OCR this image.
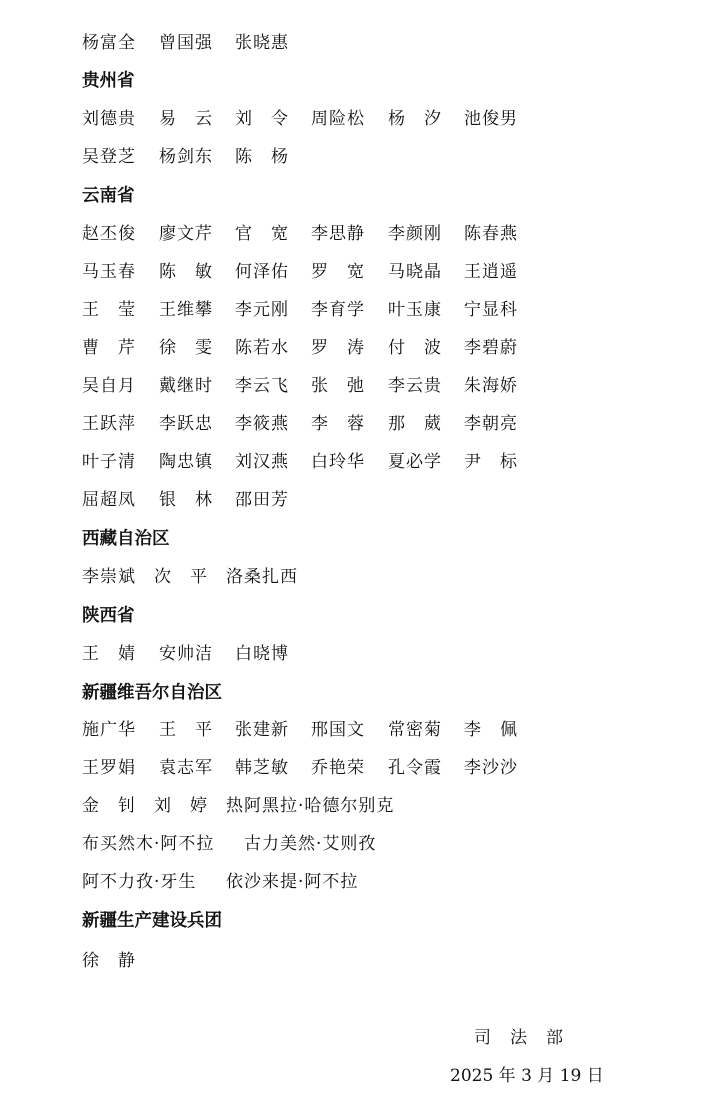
杨富全 曾国强 张晓惠
贵州省
刘德贵 易　云 刘　令 周险松 杨　汐 池俊男
吴登芝 杨剑东 陈　杨
云南省
赵丕俊 廖文芹 官　宽 李思静 李颜刚 陈春燕
马玉春 陈　敏 何泽佑 罗　宽 马晓晶 王逍遥
王　莹 王维攀 李元刚 李育学 叶玉康 宁显科
曹　芹 徐　雯 陈若水 罗　涛 付　波 李碧蔚
吴自月 戴继时 李云飞 张　弛 李云贵 朱海娇
王跃萍 李跃忠 李筱燕 李　蓉 那　葳 李朝亮
叶子清 陶忠镇 刘汉燕 白玲华 夏必学 尹　标
屈超凤 银　林 邵田芳
西藏自治区
李崇斌 次　平 洛桑扎西
陕西省
王　婧 安帅洁 白晓博
新疆维吾尔自治区
施广华 王　平 张建新 邢国文 常密菊 李　佩
王罗娟 袁志军 韩芝敏 乔艳荣 孔令霞 李沙沙
金　钊 刘　婷 热阿黑拉·哈德尔别克
布买然木·阿不拉 古力美然·艾则孜
阿不力孜·牙生 依沙来提·阿不拉
新疆生产建设兵团
徐　静
司　法　部
2025 年 3 月 19 日
